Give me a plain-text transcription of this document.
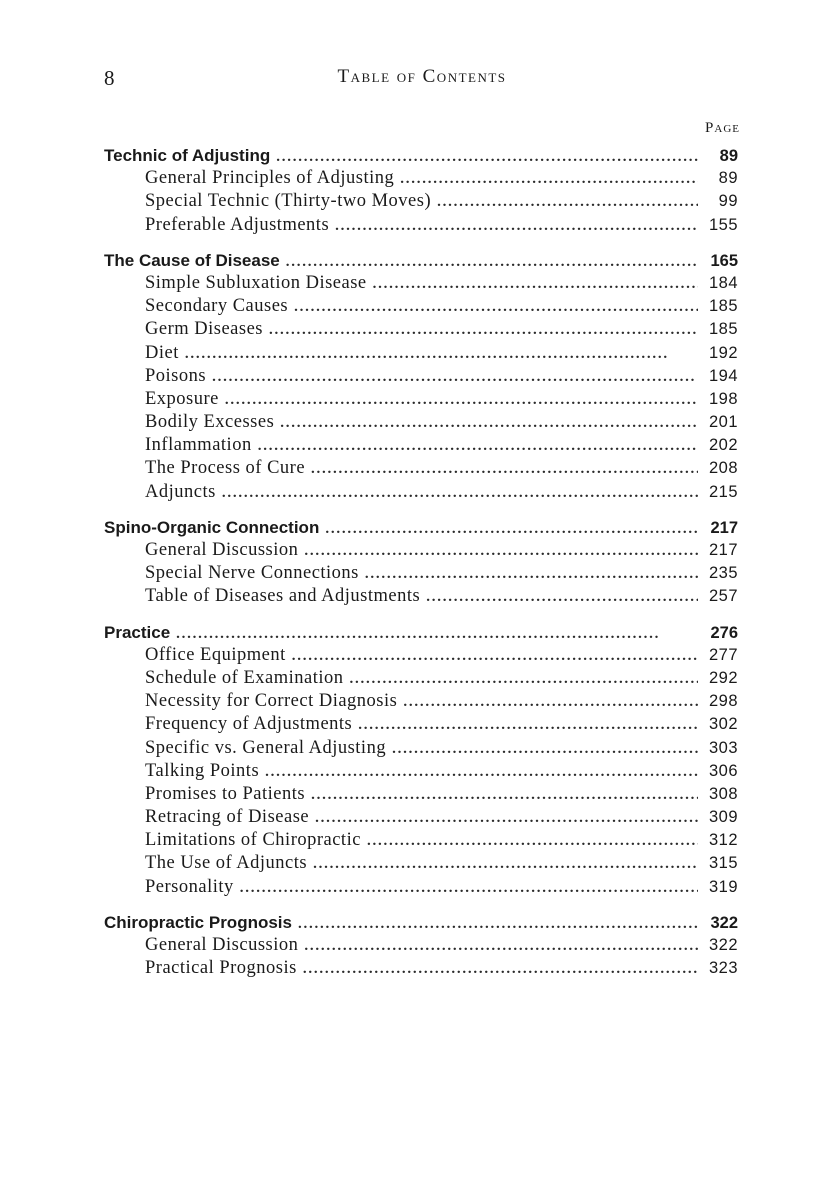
8	Table of Contents
Page
Technic of Adjusting . . .	89
General Principles of Adjusting . . .	89
Special Technic (Thirty-two Moves) . . .	99
Preferable Adjustments . . .	155
The Cause of Disease . . .	165
Simple Subluxation Disease . . .	184
Secondary Causes . . .	185
Germ Diseases . . .	185
Diet . . .	192
Poisons . . .	194
Exposure . . .	198
Bodily Excesses . . .	201
Inflammation . . .	202
The Process of Cure . . .	208
Adjuncts . . .	215
Spino-Organic Connection . . .	217
General Discussion . . .	217
Special Nerve Connections . . .	235
Table of Diseases and Adjustments . . .	257
Practice . . .	276
Office Equipment . . .	277
Schedule of Examination . . .	292
Necessity for Correct Diagnosis . . .	298
Frequency of Adjustments . . .	302
Specific vs. General Adjusting . . .	303
Talking Points . . .	306
Promises to Patients . . .	308
Retracing of Disease . . .	309
Limitations of Chiropractic . . .	312
The Use of Adjuncts . . .	315
Personality . . .	319
Chiropractic Prognosis . . .	322
General Discussion . . .	322
Practical Prognosis . . .	323
